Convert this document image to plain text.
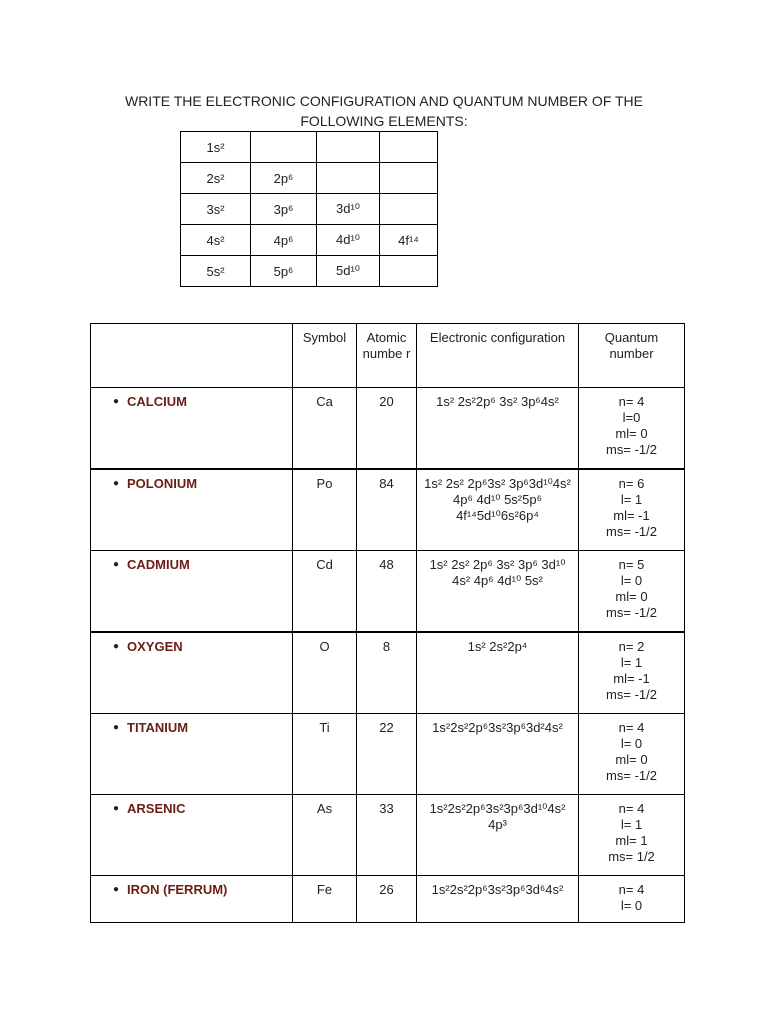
WRITE THE ELECTRONIC CONFIGURATION AND QUANTUM NUMBER OF THE
FOLLOWING ELEMENTS:
1s²			
2s²	2p⁶		
3s²	3p⁶	3d¹⁰	
4s²	4p⁶	4d¹⁰	4f¹⁴
5s²	5p⁶	5d¹⁰	
	Symbol	Atomic numbe r	Electronic configuration	Quantum number
● CALCIUM	Ca	20	1s² 2s²2p⁶ 3s² 3p⁶4s²	n= 4
l=0
ml= 0
ms= -1/2

● POLONIUM	Po	84	1s² 2s² 2p⁶3s² 3p⁶3d¹⁰4s² 4p⁶ 4d¹⁰ 5s²5p⁶ 4f¹⁴5d¹⁰6s²6p⁴	n= 6
l= 1
ml= -1
ms= -1/2

● CADMIUM	Cd	48	1s² 2s² 2p⁶ 3s² 3p⁶ 3d¹⁰ 4s² 4p⁶ 4d¹⁰ 5s²	n= 5
l= 0
ml= 0
ms= -1/2

● OXYGEN	O	8	1s² 2s²2p⁴	n= 2
l= 1
ml= -1
ms= -1/2

● TITANIUM	Ti	22	1s²2s²2p⁶3s²3p⁶3d²4s²	n= 4
l= 0
ml= 0
ms= -1/2

● ARSENIC	As	33	1s²2s²2p⁶3s²3p⁶3d¹⁰4s² 4p³	n= 4
l= 1
ml= 1
ms= 1/2

● IRON (FERRUM)	Fe	26	1s²2s²2p⁶3s²3p⁶3d⁶4s²	n= 4
l= 0
